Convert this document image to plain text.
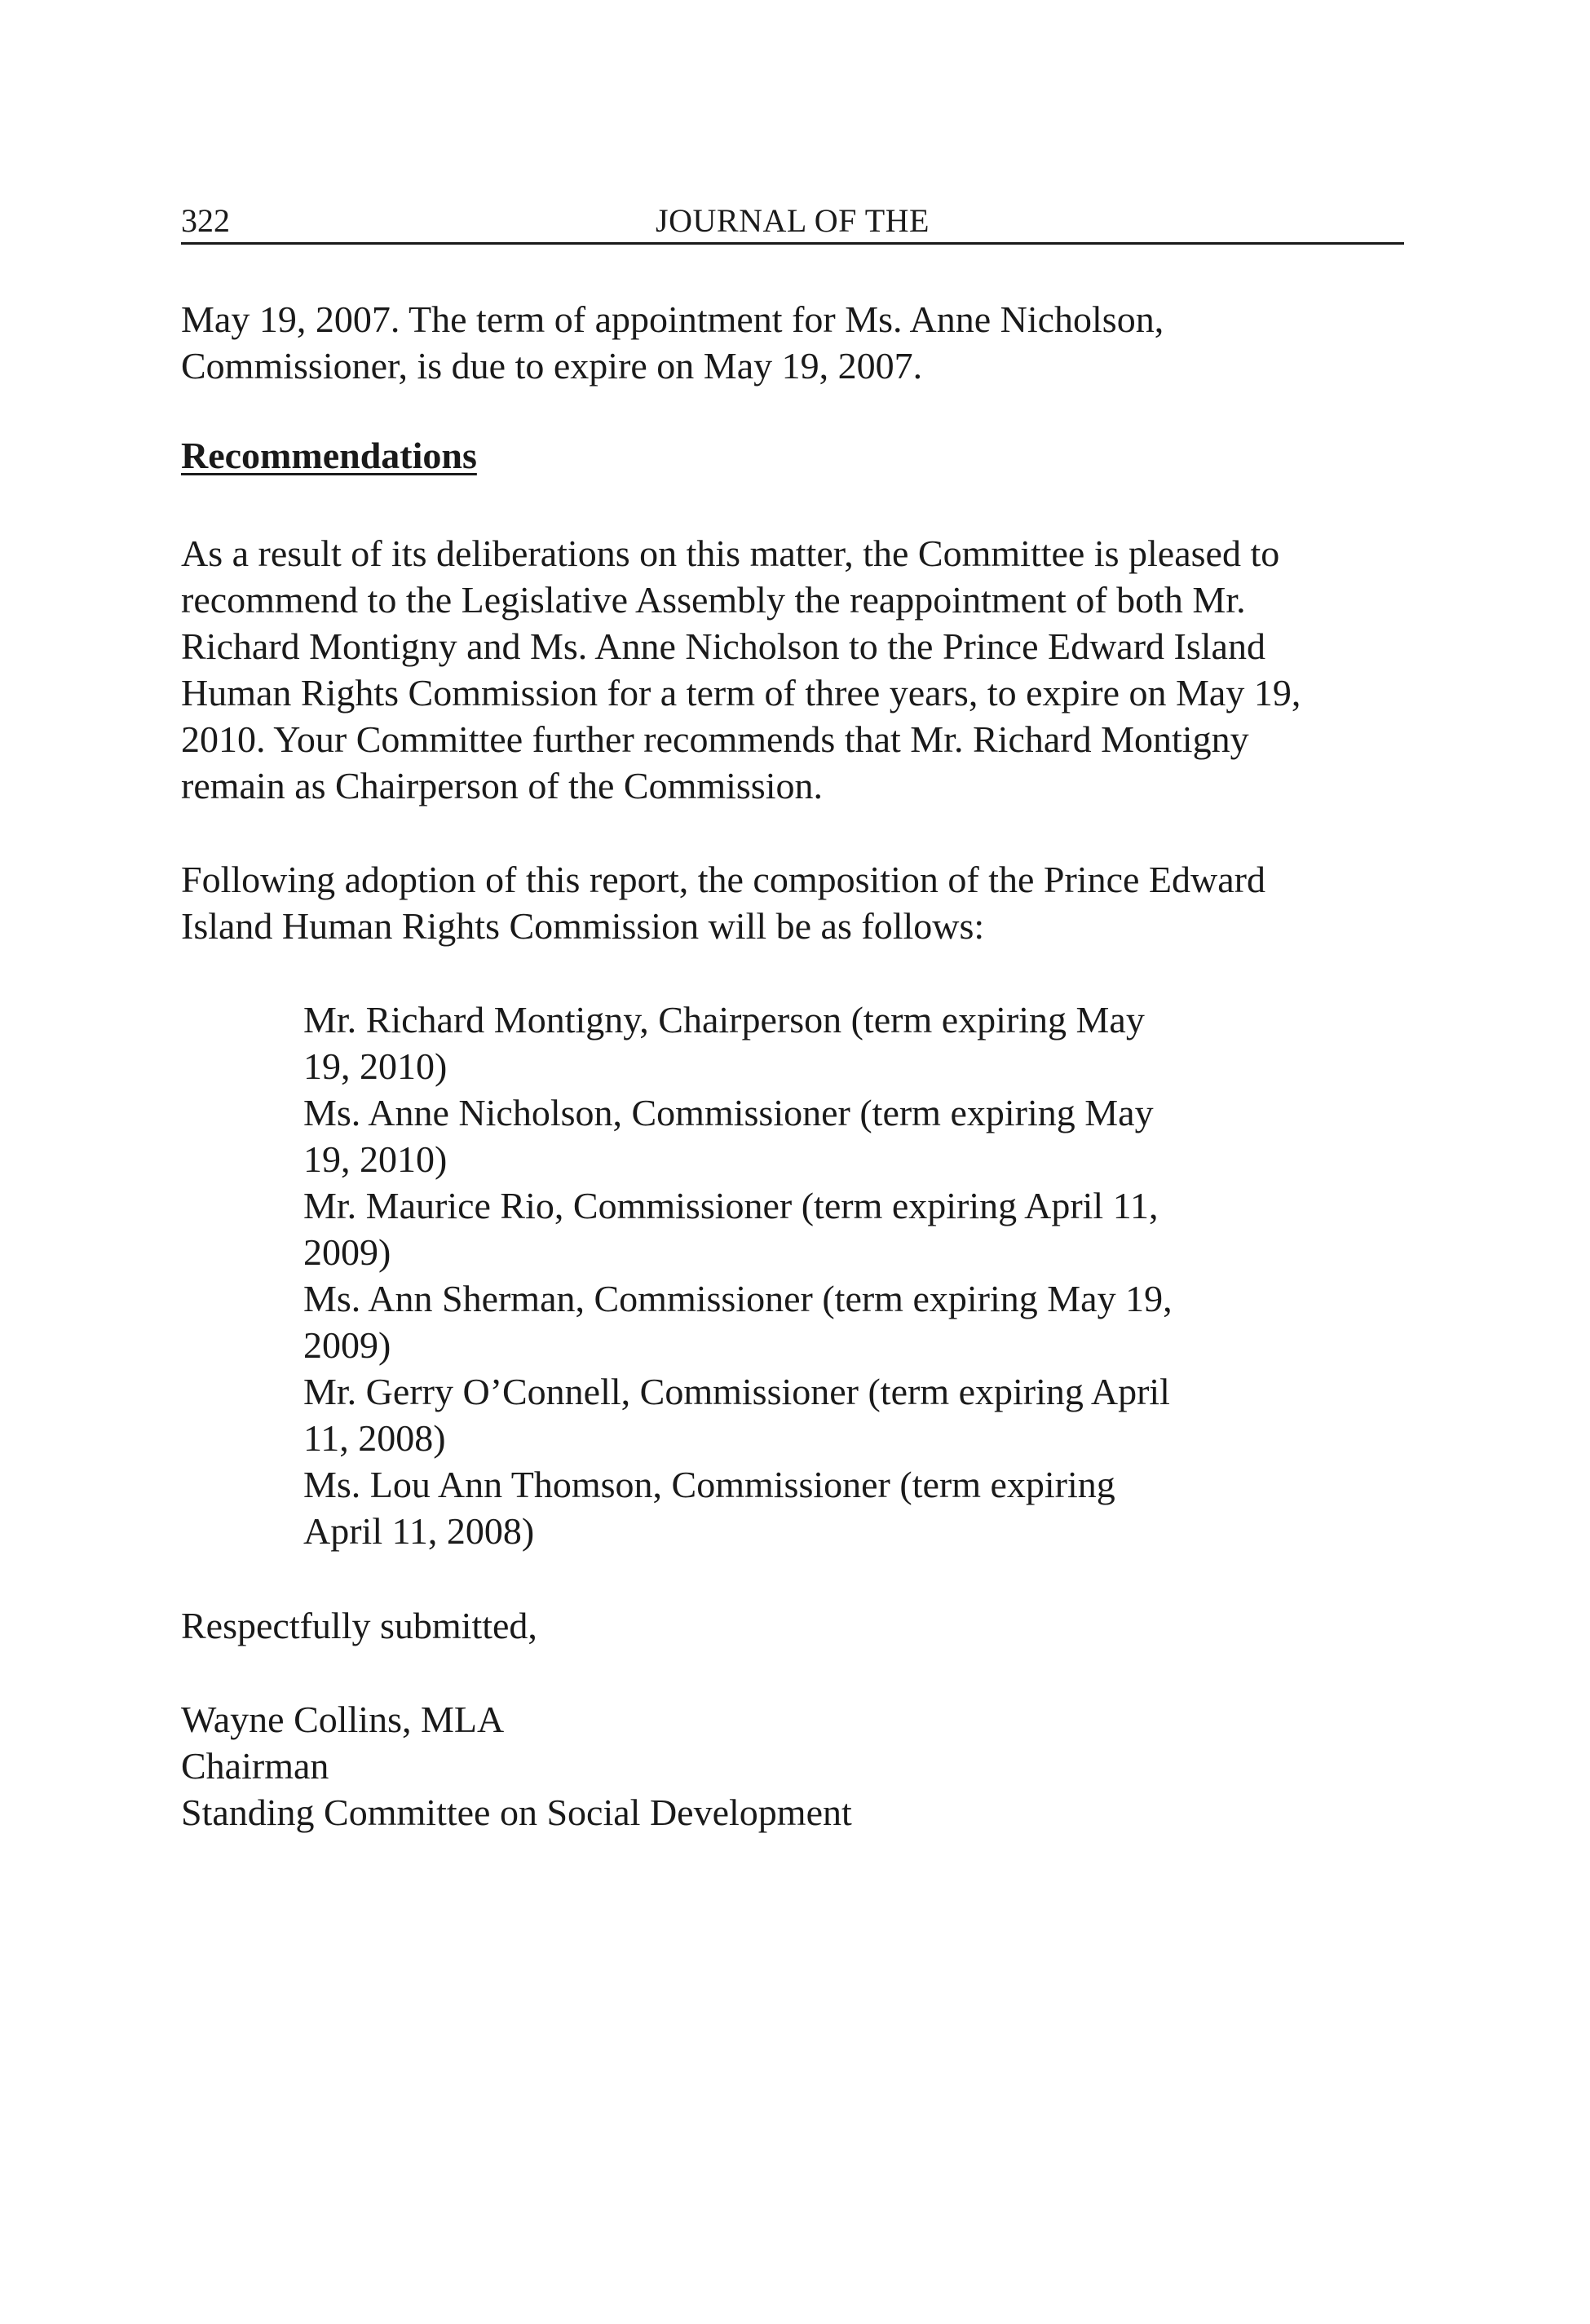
322	JOURNAL OF THE
May 19, 2007. The term of appointment for Ms. Anne Nicholson,
Commissioner, is due to expire on May 19, 2007.
Recommendations
As a result of its deliberations on this matter, the Committee is pleased to
recommend to the Legislative Assembly the reappointment of both Mr.
Richard Montigny and Ms. Anne Nicholson to the Prince Edward Island
Human Rights Commission for a term of three years, to expire on May 19,
2010. Your Committee further recommends that Mr. Richard Montigny
remain as Chairperson of the Commission.
Following adoption of this report, the composition of the Prince Edward
Island Human Rights Commission will be as follows:
Mr. Richard Montigny, Chairperson (term expiring May
19, 2010)
Ms. Anne Nicholson, Commissioner (term expiring May
19, 2010)
Mr. Maurice Rio, Commissioner (term expiring April 11,
2009)
Ms. Ann Sherman, Commissioner (term expiring May 19,
2009)
Mr. Gerry O’Connell, Commissioner (term expiring April
11, 2008)
Ms. Lou Ann Thomson, Commissioner (term expiring
April 11, 2008)
Respectfully submitted,
Wayne Collins, MLA
Chairman
Standing Committee on Social Development
